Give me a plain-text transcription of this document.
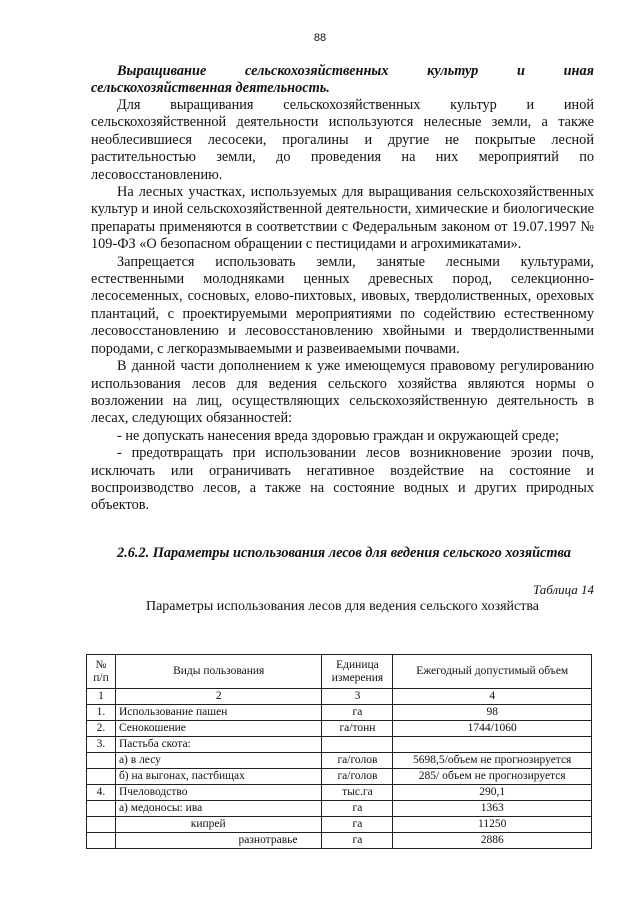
88
Выращивание сельскохозяйственных культур и иная
сельскохозяйственная деятельность.

Для выращивания сельскохозяйственных культур и иной сельскохозяйственной деятельности используются нелесные земли, а также необлесившиеся лесосеки, прогалины и другие не покрытые лесной растительностью земли, до проведения на них мероприятий по лесовосстановлению.

На лесных участках, используемых для выращивания сельскохозяйственных культур и иной сельскохозяйственной деятельности, химические и биологические препараты применяются в соответствии с Федеральным законом от 19.07.1997 № 109-ФЗ «О безопасном обращении с пестицидами и агрохимикатами».

Запрещается использовать земли, занятые лесными культурами, естественными молодняками ценных древесных пород, селекционно-лесосеменных, сосновых, елово-пихтовых, ивовых, твердолиственных, ореховых плантаций, с проектируемыми мероприятиями по содействию естественному лесовосстановлению и лесовосстановлению хвойными и твердолиственными породами, с легкоразмываемыми и развеиваемыми почвами.

В данной части дополнением к уже имеющемуся правовому регулированию использования лесов для ведения сельского хозяйства являются нормы о возложении на лиц, осуществляющих сельскохозяйственную деятельность в лесах, следующих обязанностей:

- не допускать нанесения вреда здоровью граждан и окружающей среде;

- предотвращать при использовании лесов возникновение эрозии почв, исключать или ограничивать негативное воздействие на состояние и воспроизводство лесов, а также на состояние водных и других природных объектов.

2.6.2. Параметры использования лесов для ведения сельского хозяйства
Таблица 14
Параметры использования лесов для ведения сельского хозяйства
№ п/п	Виды пользования	Единица измерения	Ежегодный допустимый объем
1	2	3	4
1.	Использование пашен	га	98
2.	Сенокошение	га/тонн	1744/1060
3.	Пастьба скота:		
	а) в лесу	га/голов	5698,5/объем не прогнозируется
	б) на выгонах, пастбищах	га/голов	285/ объем не прогнозируется
4.	Пчеловодство	тыс.га	290,1
	а) медоносы: ива	га	1363
	кипрей	га	11250
	разнотравье	га	2886
